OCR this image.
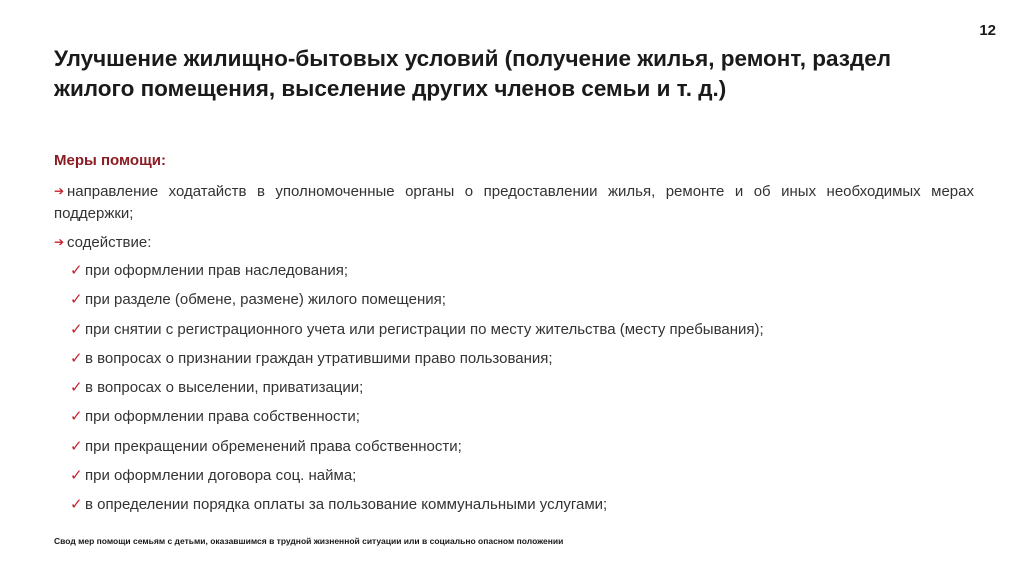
12
Улучшение жилищно-бытовых условий (получение жилья, ремонт, раздел жилого помещения, выселение других членов семьи и т. д.)
Меры помощи:
➔ направление ходатайств в уполномоченные органы о предоставлении жилья, ремонте и об иных необходимых мерах поддержки;
➔ содействие:
✓ при оформлении прав наследования;
✓ при разделе (обмене, размене) жилого помещения;
✓ при снятии с регистрационного учета или регистрации по месту жительства (месту пребывания);
✓ в вопросах о признании граждан утратившими право пользования;
✓ в вопросах о выселении, приватизации;
✓ при оформлении права собственности;
✓ при прекращении обременений права собственности;
✓ при оформлении договора соц. найма;
✓ в определении порядка оплаты за пользование коммунальными услугами;
Свод мер помощи семьям с детьми, оказавшимся в трудной жизненной ситуации или в социально опасном положении
